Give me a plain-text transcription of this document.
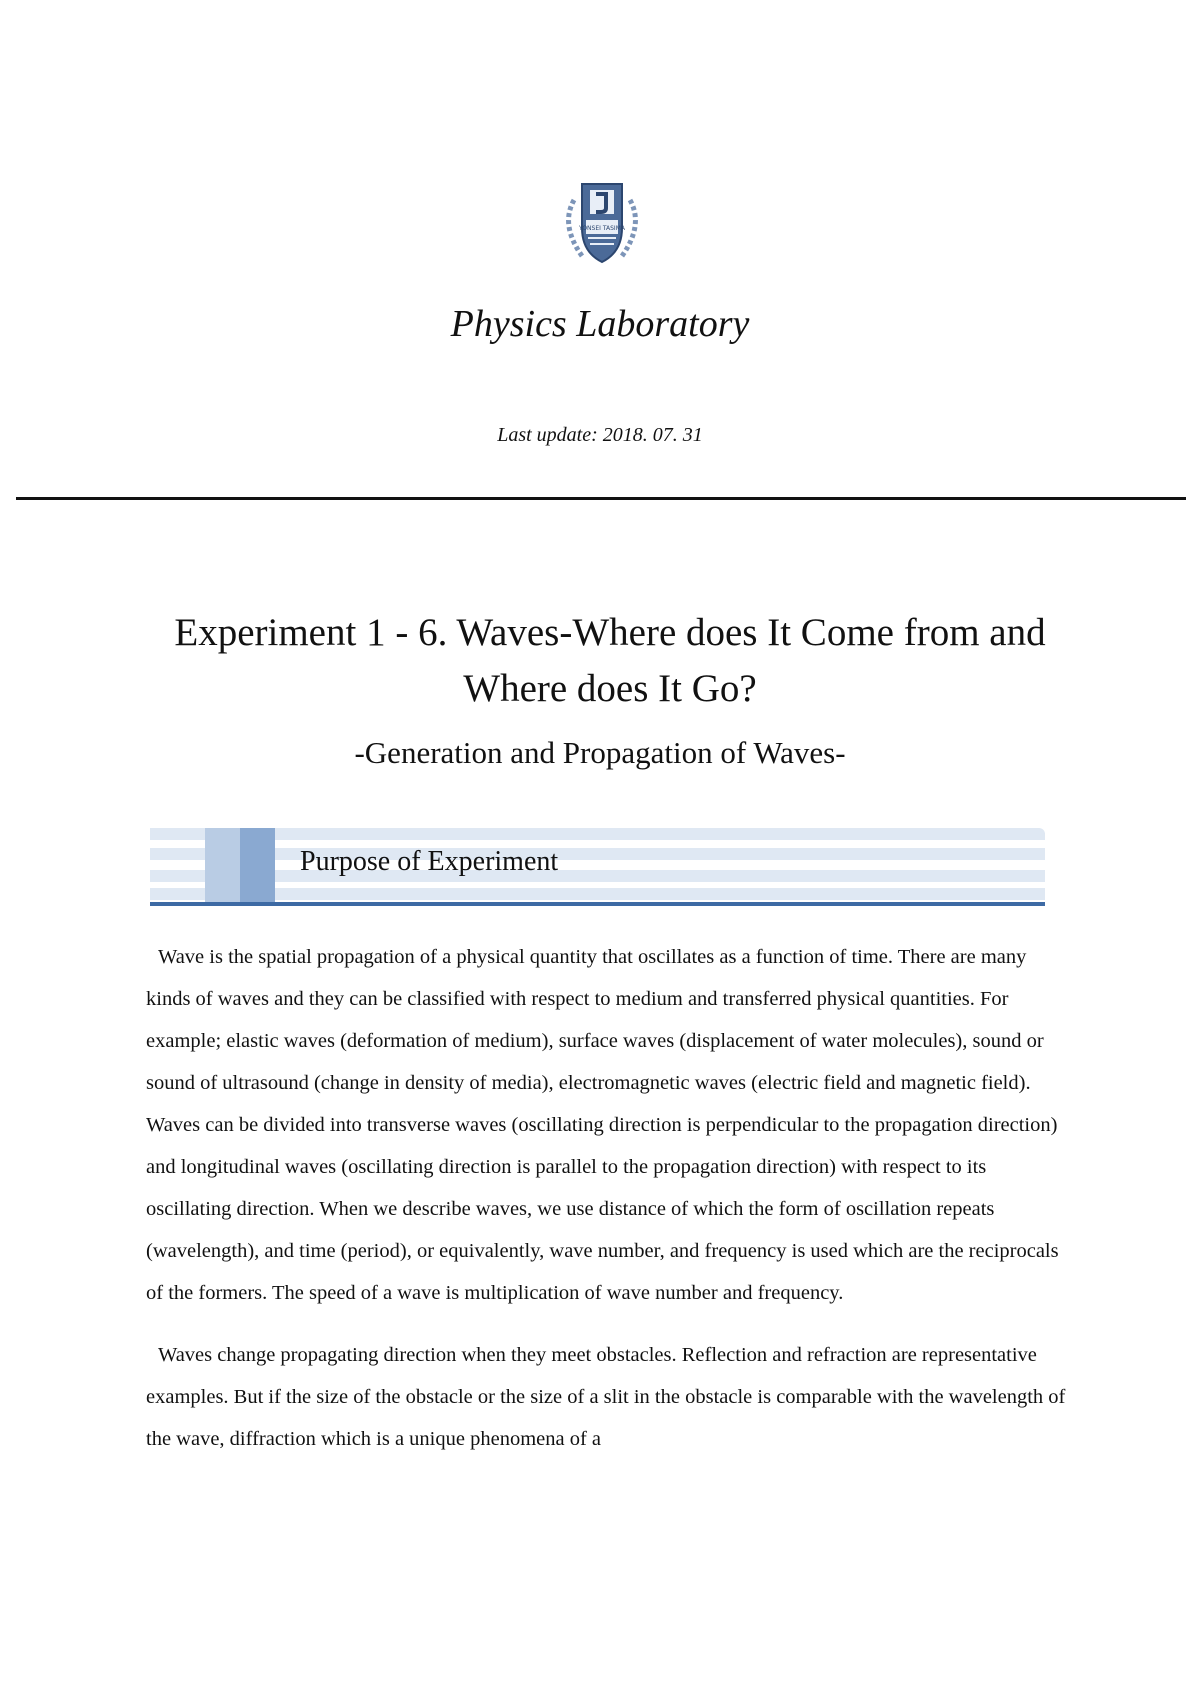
YONSEI TASIMA
Physics Laboratory
Last update: 2018. 07. 31
Experiment 1 - 6. Waves-Where does It Come from and Where does It Go?
-Generation and Propagation of Waves-
Purpose of Experiment

Wave is the spatial propagation of a physical quantity that oscillates as a function of time. There are many kinds of waves and they can be classified with respect to medium and transferred physical quantities. For example; elastic waves (deformation of medium), surface waves (displacement of water molecules), sound or sound of ultrasound (change in density of media), electromagnetic waves (electric field and magnetic field). Waves can be divided into transverse waves (oscillating direction is perpendicular to the propagation direction) and longitudinal waves (oscillating direction is parallel to the propagation direction) with respect to its oscillating direction. When we describe waves, we use distance of which the form of oscillation repeats (wavelength), and time (period), or equivalently, wave number, and frequency is used which are the reciprocals of the formers. The speed of a wave is multiplication of wave number and frequency.

Waves change propagating direction when they meet obstacles. Reflection and refraction are representative examples. But if the size of the obstacle or the size of a slit in the obstacle is comparable with the wavelength of the wave, diffraction which is a unique phenomena of a
